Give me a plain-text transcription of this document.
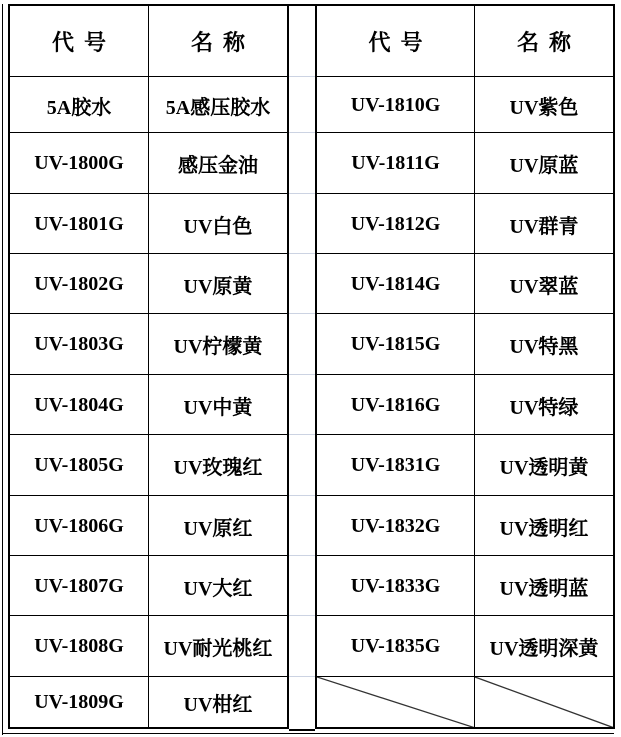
代号	名称
5A胶水	5A感压胶水
UV-1800G	感压金油
UV-1801G	UV白色
UV-1802G	UV原黄
UV-1803G	UV柠檬黄
UV-1804G	UV中黄
UV-1805G	UV玫瑰红
UV-1806G	UV原红
UV-1807G	UV大红
UV-1808G	UV耐光桃红
UV-1809G	UV柑红
代号	名称
UV-1810G	UV紫色
UV-1811G	UV原蓝
UV-1812G	UV群青
UV-1814G	UV翠蓝
UV-1815G	UV特黑
UV-1816G	UV特绿
UV-1831G	UV透明黄
UV-1832G	UV透明红
UV-1833G	UV透明蓝
UV-1835G	UV透明深黄
